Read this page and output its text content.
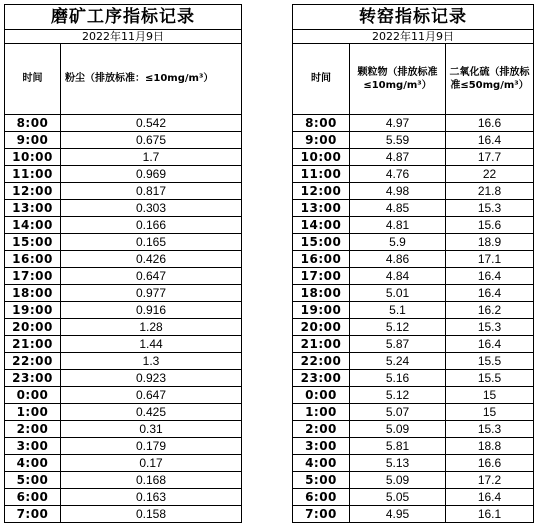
磨矿工序指标记录	
2022年11月9日	
时间	粉尘（排放标准：≤10mg/m³）
8:00	0.542
9:00	0.675
10:00	1.7
11:00	0.969
12:00	0.817
13:00	0.303
14:00	0.166
15:00	0.165
16:00	0.426
17:00	0.647
18:00	0.977
19:00	0.916
20:00	1.28
21:00	1.44
22:00	1.3
23:00	0.923
0:00	0.647
1:00	0.425
2:00	0.31
3:00	0.179
4:00	0.17
5:00	0.168
6:00	0.163
7:00	0.158
转窑指标记录		
2022年11月9日		
时间	颗粒物（排放标准≤10mg/m³）	二氧化硫（排放标准≤50mg/m³）
8:00	4.97	16.6
9:00	5.59	16.4
10:00	4.87	17.7
11:00	4.76	22
12:00	4.98	21.8
13:00	4.85	15.3
14:00	4.81	15.6
15:00	5.9	18.9
16:00	4.86	17.1
17:00	4.84	16.4
18:00	5.01	16.4
19:00	5.1	16.2
20:00	5.12	15.3
21:00	5.87	16.4
22:00	5.24	15.5
23:00	5.16	15.5
0:00	5.12	15
1:00	5.07	15
2:00	5.09	15.3
3:00	5.81	18.8
4:00	5.13	16.6
5:00	5.09	17.2
6:00	5.05	16.4
7:00	4.95	16.1
